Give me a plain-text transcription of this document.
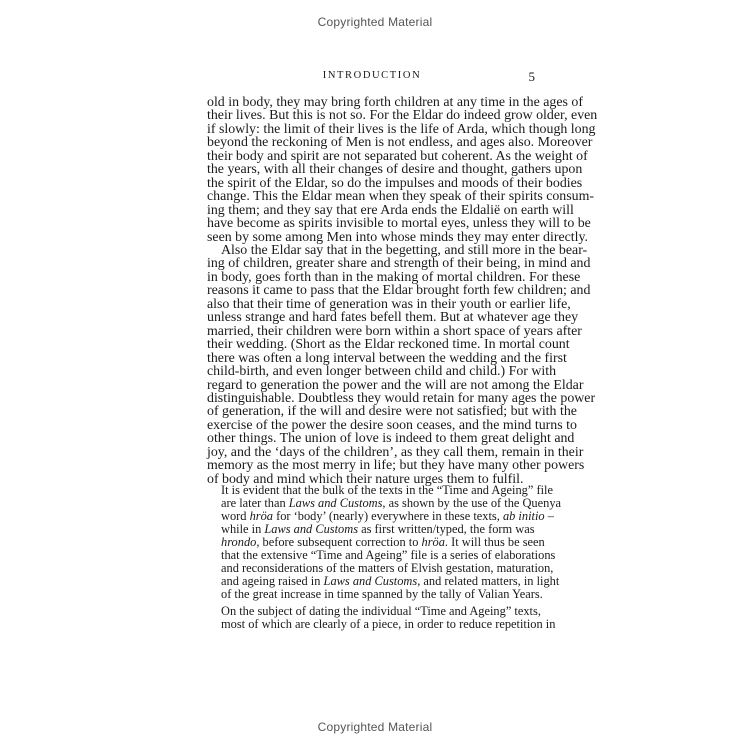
Copyrighted Material
INTRODUCTION	5
old in body, they may bring forth children at any time in the ages of
their lives. But this is not so. For the Eldar do indeed grow older, even
if slowly: the limit of their lives is the life of Arda, which though long
beyond the reckoning of Men is not endless, and ages also. Moreover
their body and spirit are not separated but coherent. As the weight of
the years, with all their changes of desire and thought, gathers upon
the spirit of the Eldar, so do the impulses and moods of their bodies
change. This the Eldar mean when they speak of their spirits consum-
ing them; and they say that ere Arda ends the Eldaliё on earth will
have become as spirits invisible to mortal eyes, unless they will to be
seen by some among Men into whose minds they may enter directly.
Also the Eldar say that in the begetting, and still more in the bear-
ing of children, greater share and strength of their being, in mind and
in body, goes forth than in the making of mortal children. For these
reasons it came to pass that the Eldar brought forth few children; and
also that their time of generation was in their youth or earlier life,
unless strange and hard fates befell them. But at whatever age they
married, their children were born within a short space of years after
their wedding. (Short as the Eldar reckoned time. In mortal count
there was often a long interval between the wedding and the first
child-birth, and even longer between child and child.) For with
regard to generation the power and the will are not among the Eldar
distinguishable. Doubtless they would retain for many ages the power
of generation, if the will and desire were not satisfied; but with the
exercise of the power the desire soon ceases, and the mind turns to
other things. The union of love is indeed to them great delight and
joy, and the ‘days of the children’, as they call them, remain in their
memory as the most merry in life; but they have many other powers
of body and mind which their nature urges them to fulfil.
It is evident that the bulk of the texts in the “Time and Ageing” file
are later than Laws and Customs, as shown by the use of the Quenya
word hröa for ‘body’ (nearly) everywhere in these texts, ab initio –
while in Laws and Customs as first written/typed, the form was
hrondo, before subsequent correction to hröa. It will thus be seen
that the extensive “Time and Ageing” file is a series of elaborations
and reconsiderations of the matters of Elvish gestation, maturation,
and ageing raised in Laws and Customs, and related matters, in light
of the great increase in time spanned by the tally of Valian Years.
On the subject of dating the individual “Time and Ageing” texts,
most of which are clearly of a piece, in order to reduce repetition in
Copyrighted Material
